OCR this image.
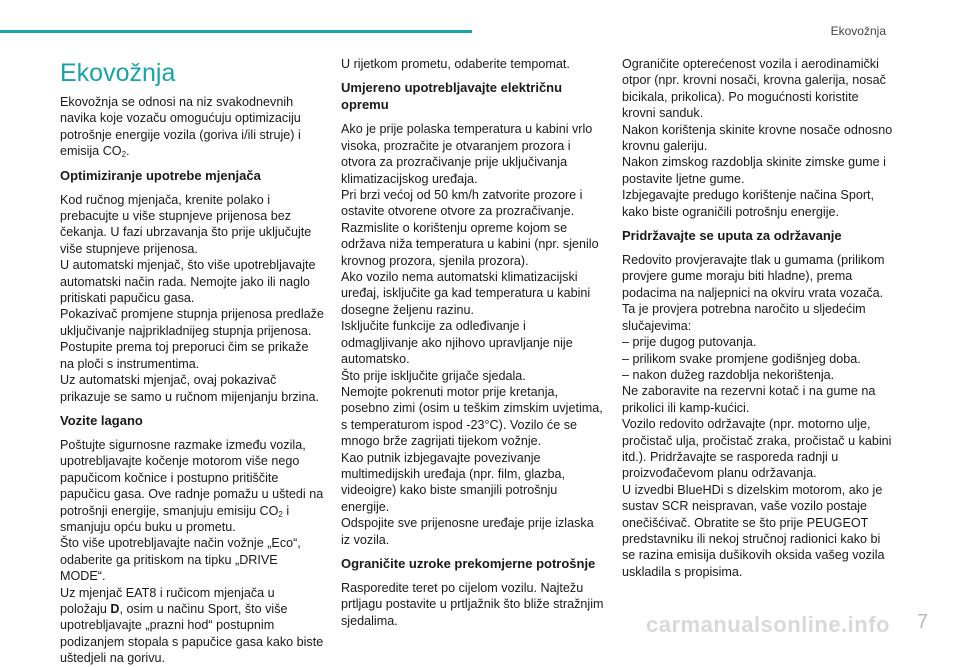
Ekovožnja
Ekovožnja

Ekovožnja se odnosi na niz svakodnevnih navika koje vozaču omogućuju optimizaciju potrošnje energije vozila (goriva i/ili struje) i emisija $CO_2$.

Optimiziranje upotrebe mjenjača

Kod ručnog mjenjača, krenite polako i prebacujte u više stupnjeve prijenosa bez čekanja. U fazi ubrzavanja što prije uključujte više stupnjeve prijenosa.
U automatski mjenjač, što više upotrebljavajte automatski način rada. Nemojte jako ili naglo pritiskati papučicu gasa.
Pokazivač promjene stupnja prijenosa predlaže uključivanje najprikladnijeg stupnja prijenosa. Postupite prema toj preporuci čim se prikaže na ploči s instrumentima.
Uz automatski mjenjač, ovaj pokazivač prikazuje se samo u ručnom mijenjanju brzina.

Vozite lagano

Poštujte sigurnosne razmake između vozila, upotrebljavajte kočenje motorom više nego papučicom kočnice i postupno pritiščite papučicu gasa. Ove radnje pomažu u uštedi na potrošnji energije, smanjuju emisiju $CO_2$ i smanjuju opću buku u prometu.
Što više upotrebljavajte način vožnje „Eco“, odaberite ga pritiskom na tipku „DRIVE MODE“.
Uz mjenjač EAT8 i ručicom mjenjača u položaju D, osim u načinu Sport, što više upotrebljavajte „prazni hod“ postupnim podizanjem stopala s papučice gasa kako biste uštedjeli na gorivu.

U rijetkom prometu, odaberite tempomat.

Umjereno upotrebljavajte električnu opremu

Ako je prije polaska temperatura u kabini vrlo visoka, prozračite je otvaranjem prozora i otvora za prozračivanje prije uključivanja klimatizacijskog uređaja.
Pri brzi većoj od 50 km/h zatvorite prozore i ostavite otvorene otvore za prozračivanje.
Razmislite o korištenju opreme kojom se održava niža temperatura u kabini (npr. sjenilo krovnog prozora, sjenila prozora).
Ako vozilo nema automatski klimatizacijski uređaj, isključite ga kad temperatura u kabini dosegne željenu razinu.
Isključite funkcije za odleđivanje i odmagljivanje ako njihovo upravljanje nije automatsko.
Što prije isključite grijače sjedala.
Nemojte pokrenuti motor prije kretanja, posebno zimi (osim u teškim zimskim uvjetima, s temperaturom ispod -23°C). Vozilo će se mnogo brže zagrijati tijekom vožnje.
Kao putnik izbjegavajte povezivanje multimedijskih uređaja (npr. film, glazba, videoigre) kako biste smanjili potrošnju energije.
Odspojite sve prijenosne uređaje prije izlaska iz vozila.

Ograničite uzroke prekomjerne potrošnje

Rasporedite teret po cijelom vozilu. Najtežu prtljagu postavite u prtljažnik što bliže stražnjim sjedalima.

Ograničite opterećenost vozila i aerodinamički otpor (npr. krovni nosači, krovna galerija, nosač bicikala, prikolica). Po mogućnosti koristite krovni sanduk.
Nakon korištenja skinite krovne nosače odnosno krovnu galeriju.
Nakon zimskog razdoblja skinite zimske gume i postavite ljetne gume.
Izbjegavajte predugo korištenje načina Sport, kako biste ograničili potrošnju energije.

Pridržavajte se uputa za održavanje

Redovito provjeravajte tlak u gumama (prilikom provjere gume moraju biti hladne), prema podacima na naljepnici na okviru vrata vozača.
Ta je provjera potrebna naročito u sljedećim slučajevima:
– prije dugog putovanja.
– prilikom svake promjene godišnjeg doba.
– nakon dužeg razdoblja nekorištenja.
Ne zaboravite na rezervni kotač i na gume na prikolici ili kamp-kućici.
Vozilo redovito održavajte (npr. motorno ulje, pročistač ulja, pročistač zraka, pročistač u kabini itd.). Pridržavajte se rasporeda radnji u proizvođačevom planu održavanja.
U izvedbi BlueHDi s dizelskim motorom, ako je sustav SCR neispravan, vaše vozilo postaje onečišćivač. Obratite se što prije PEUGEOT predstavniku ili nekoj stručnoj radionici kako bi se razina emisija dušikovih oksida vašeg vozila uskladila s propisima.

carmanualsonline.info 7
